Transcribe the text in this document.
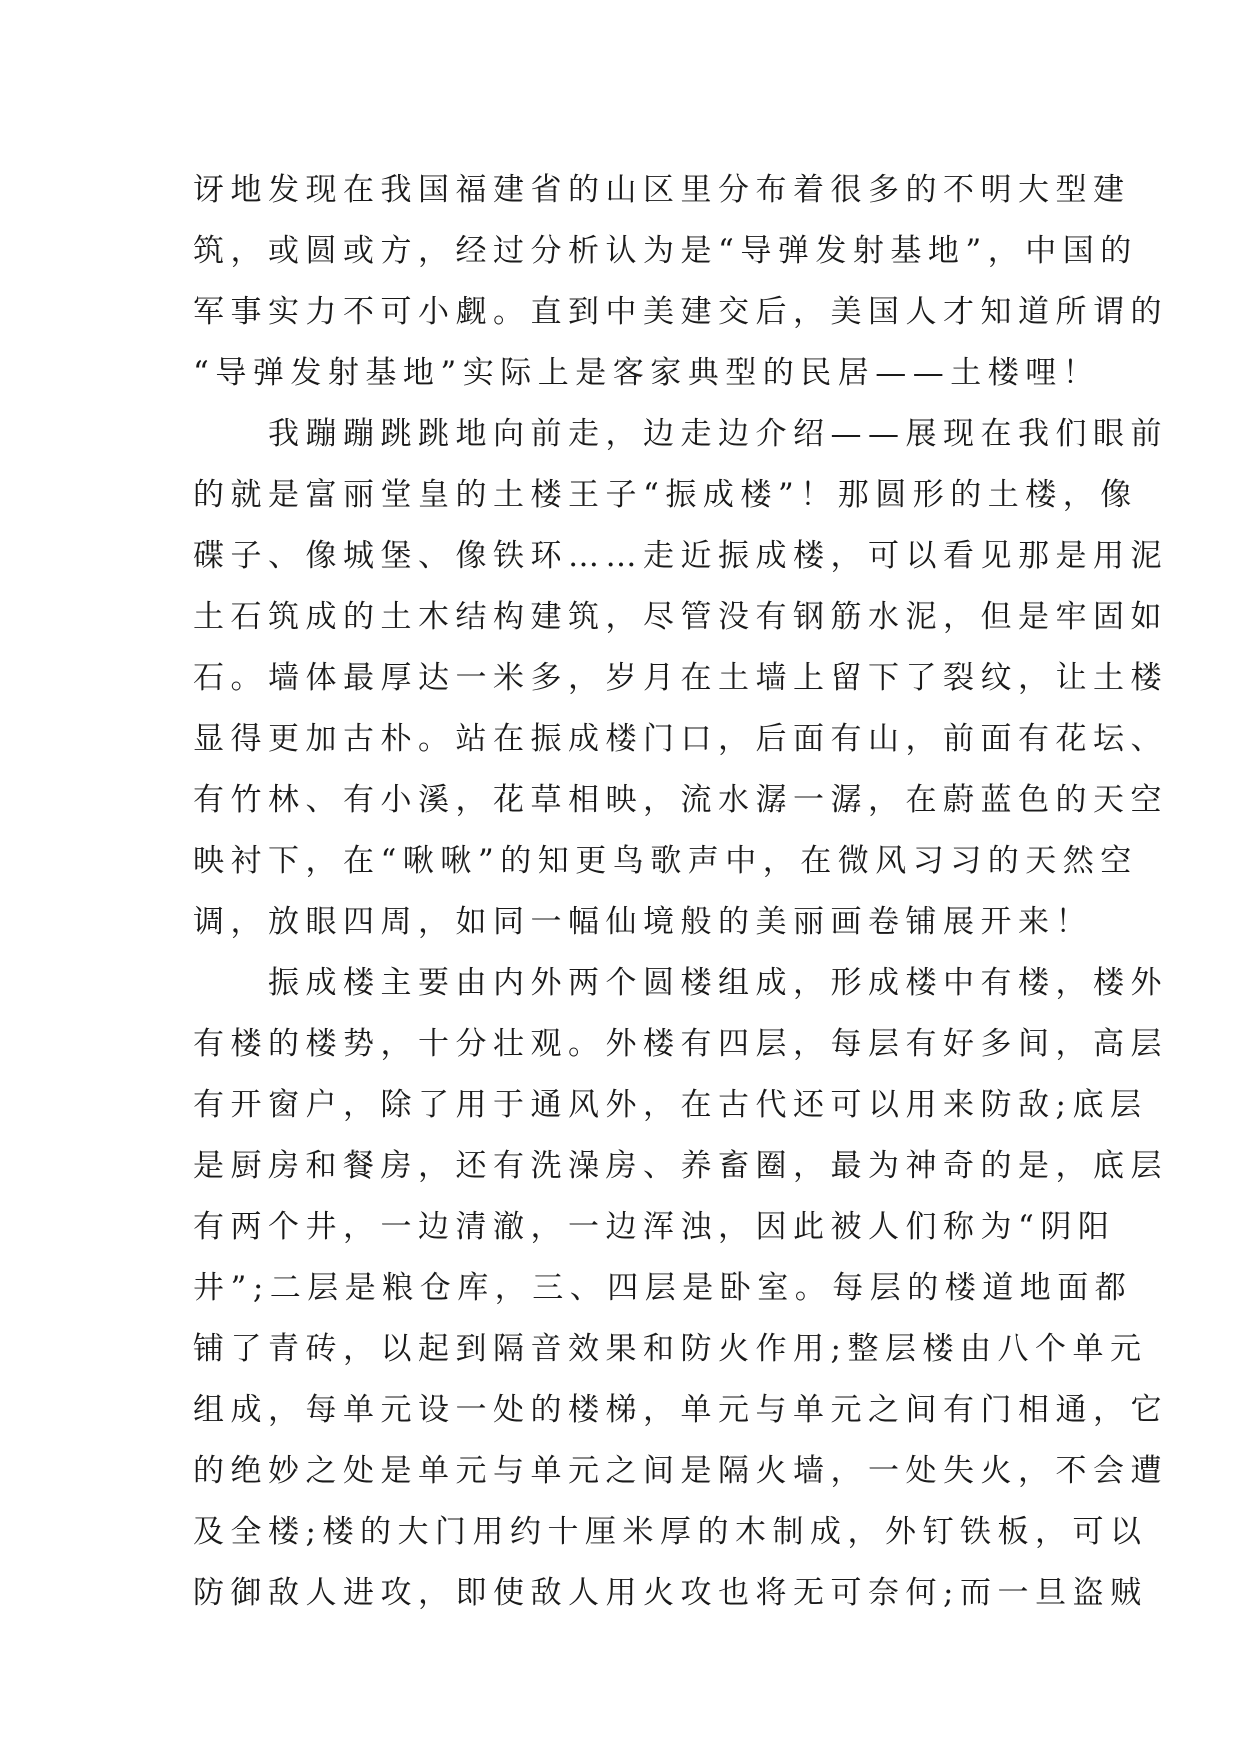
讶地发现在我国福建省的山区里分布着很多的不明大型建
筑，或圆或方，经过分析认为是“导弹发射基地”，中国的
军事实力不可小觑。直到中美建交后，美国人才知道所谓的
“导弹发射基地”实际上是客家典型的民居——土楼哩！
　　我蹦蹦跳跳地向前走，边走边介绍——展现在我们眼前
的就是富丽堂皇的土楼王子“振成楼”！那圆形的土楼，像
碟子、像城堡、像铁环……走近振成楼，可以看见那是用泥
土石筑成的土木结构建筑，尽管没有钢筋水泥，但是牢固如
石。墙体最厚达一米多，岁月在土墙上留下了裂纹，让土楼
显得更加古朴。站在振成楼门口，后面有山，前面有花坛、
有竹林、有小溪，花草相映，流水潺一潺，在蔚蓝色的天空
映衬下，在“啾啾”的知更鸟歌声中，在微风习习的天然空
调，放眼四周，如同一幅仙境般的美丽画卷铺展开来！
　　振成楼主要由内外两个圆楼组成，形成楼中有楼，楼外
有楼的楼势，十分壮观。外楼有四层，每层有好多间，高层
有开窗户，除了用于通风外，在古代还可以用来防敌;底层
是厨房和餐房，还有洗澡房、养畜圈，最为神奇的是，底层
有两个井，一边清澈，一边浑浊，因此被人们称为“阴阳
井”;二层是粮仓库，三、四层是卧室。每层的楼道地面都
铺了青砖，以起到隔音效果和防火作用;整层楼由八个单元
组成，每单元设一处的楼梯，单元与单元之间有门相通，它
的绝妙之处是单元与单元之间是隔火墙，一处失火，不会遭
及全楼;楼的大门用约十厘米厚的木制成，外钉铁板，可以
防御敌人进攻，即使敌人用火攻也将无可奈何;而一旦盗贼
